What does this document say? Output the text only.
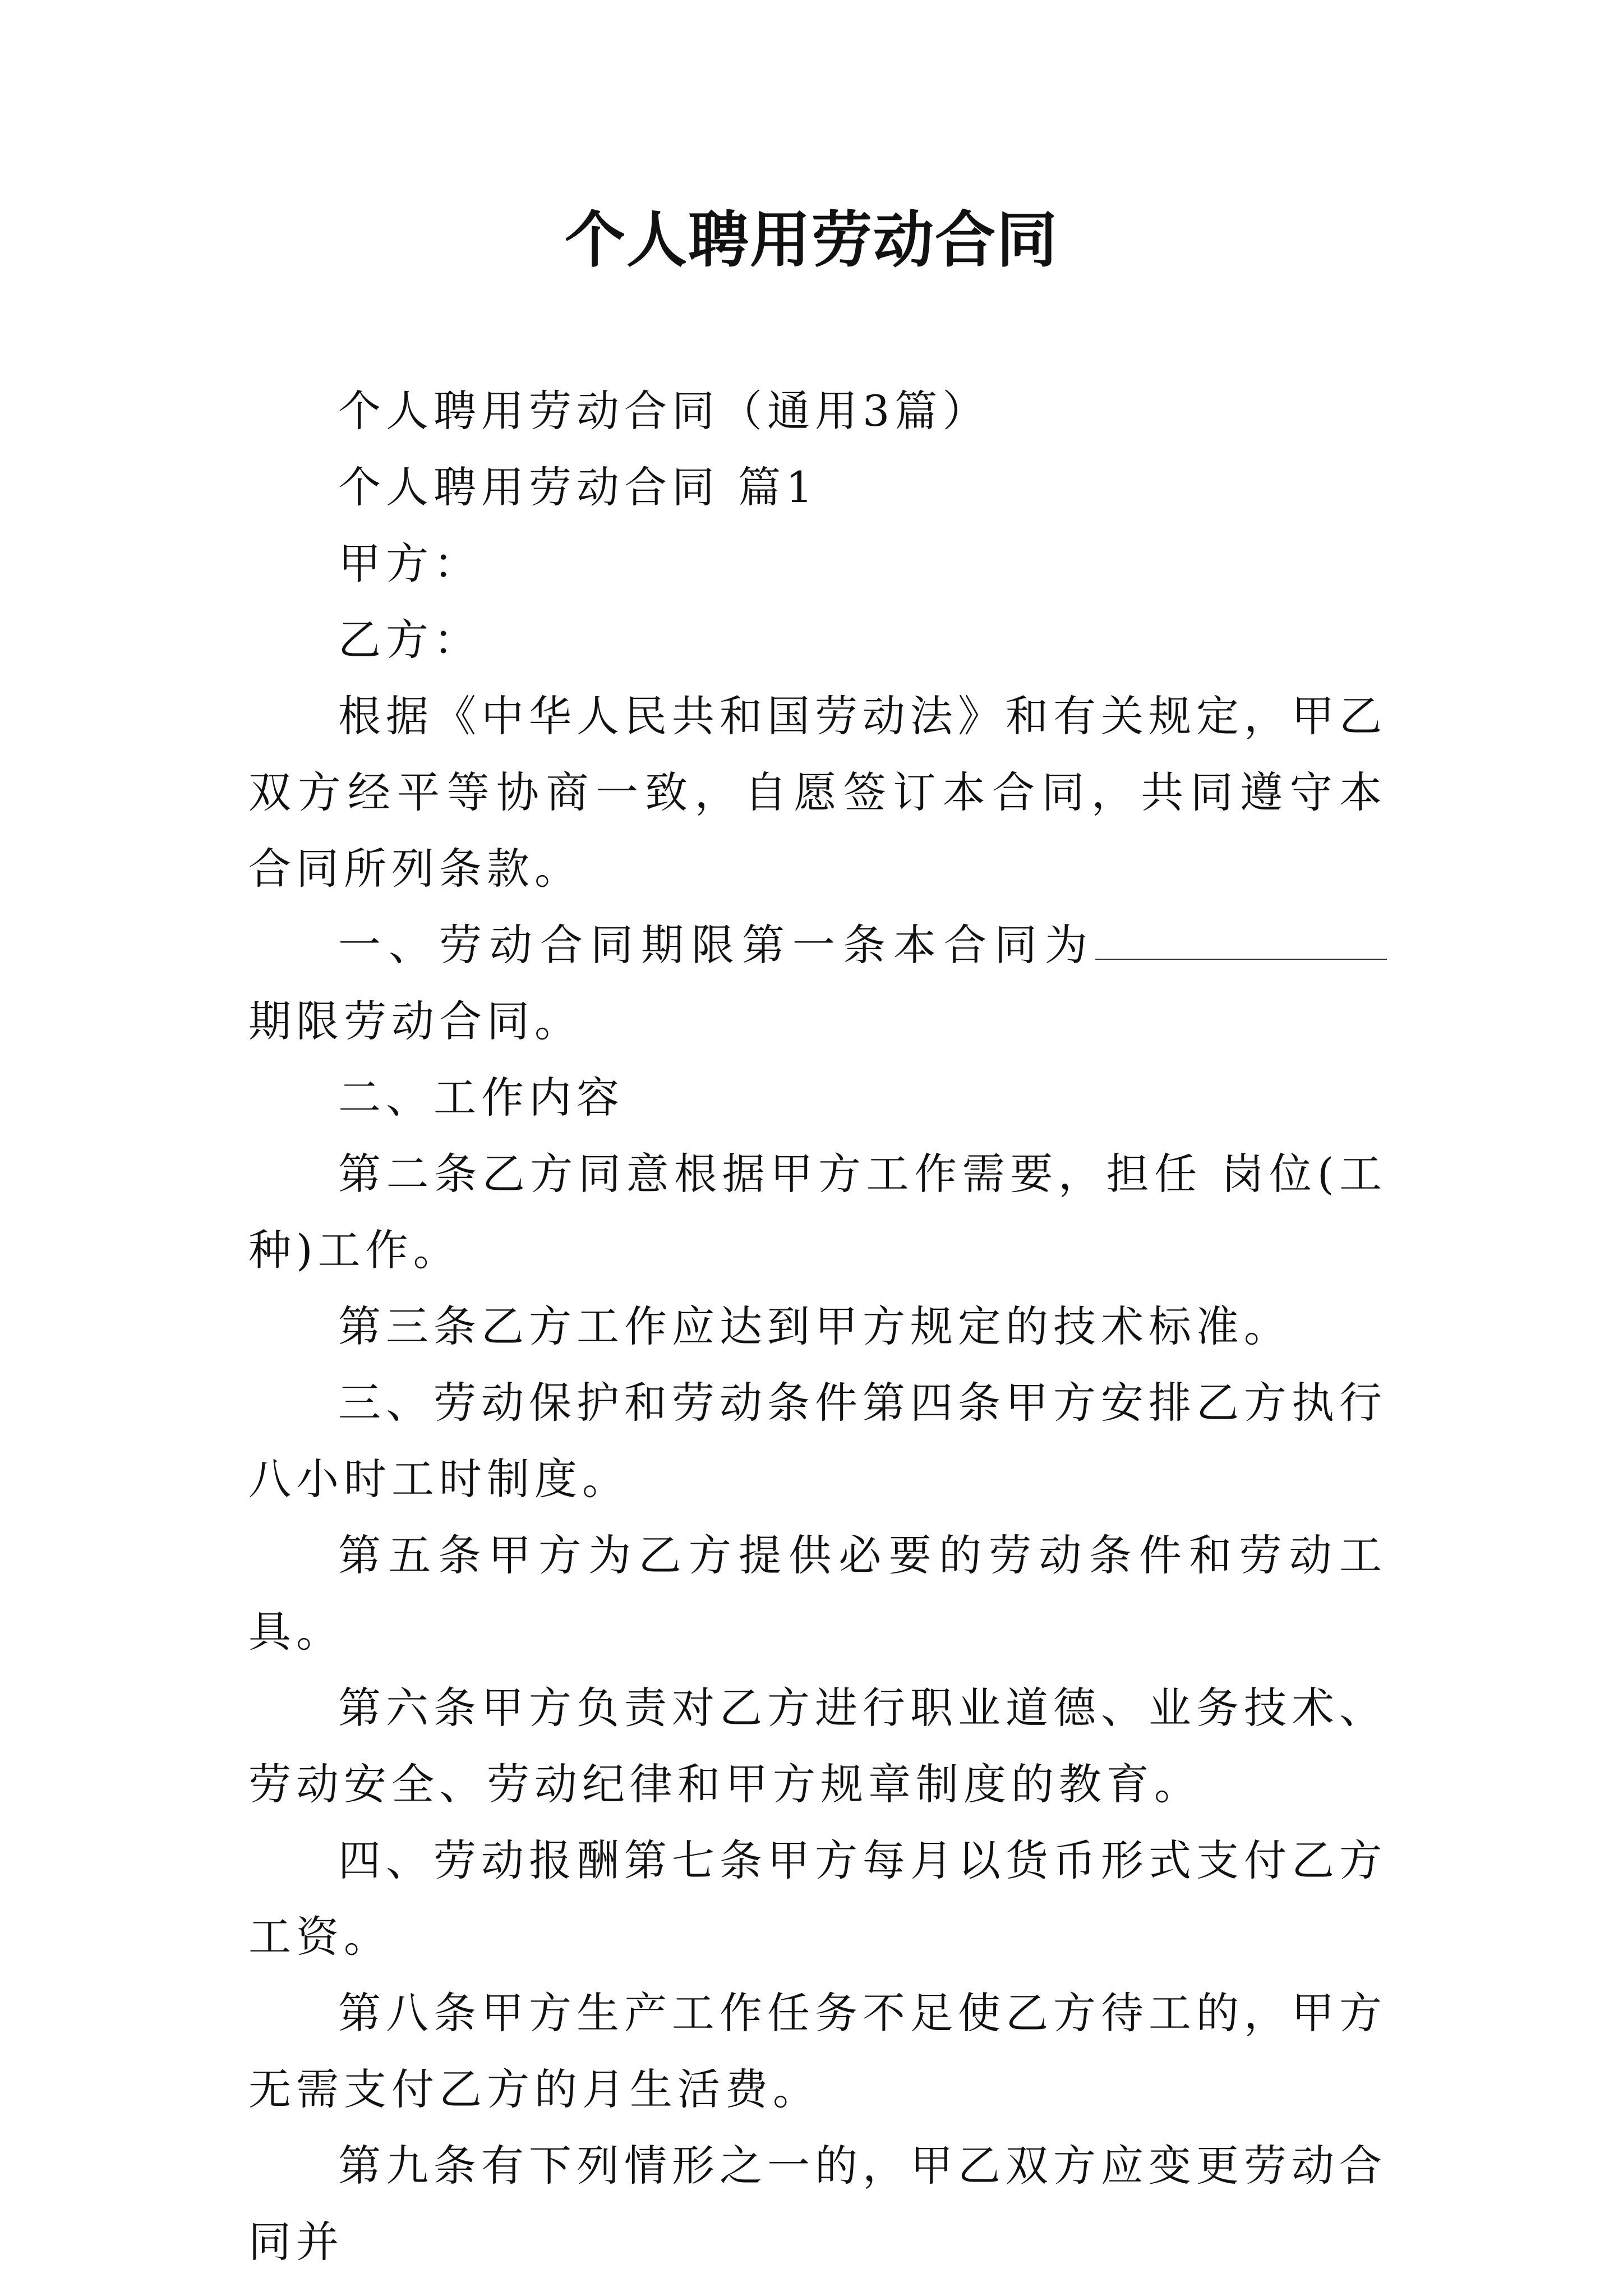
个人聘用劳动合同

个人聘用劳动合同（通用3篇）

个人聘用劳动合同 篇1

甲方：

乙方：

根据《中华人民共和国劳动法》和有关规定，甲乙双方经平等协商一致，自愿签订本合同，共同遵守本合同所列条款。

一、劳动合同期限第一条本合同为期限劳动合同。

二、工作内容

第二条乙方同意根据甲方工作需要，担任 岗位(工种)工作。

第三条乙方工作应达到甲方规定的技术标准。

三、劳动保护和劳动条件第四条甲方安排乙方执行八小时工时制度。

第五条甲方为乙方提供必要的劳动条件和劳动工具。

第六条甲方负责对乙方进行职业道德、业务技术、劳动安全、劳动纪律和甲方规章制度的教育。

四、劳动报酬第七条甲方每月以货币形式支付乙方工资。

第八条甲方生产工作任务不足使乙方待工的，甲方无需支付乙方的月生活费。

第九条有下列情形之一的，甲乙双方应变更劳动合同并
